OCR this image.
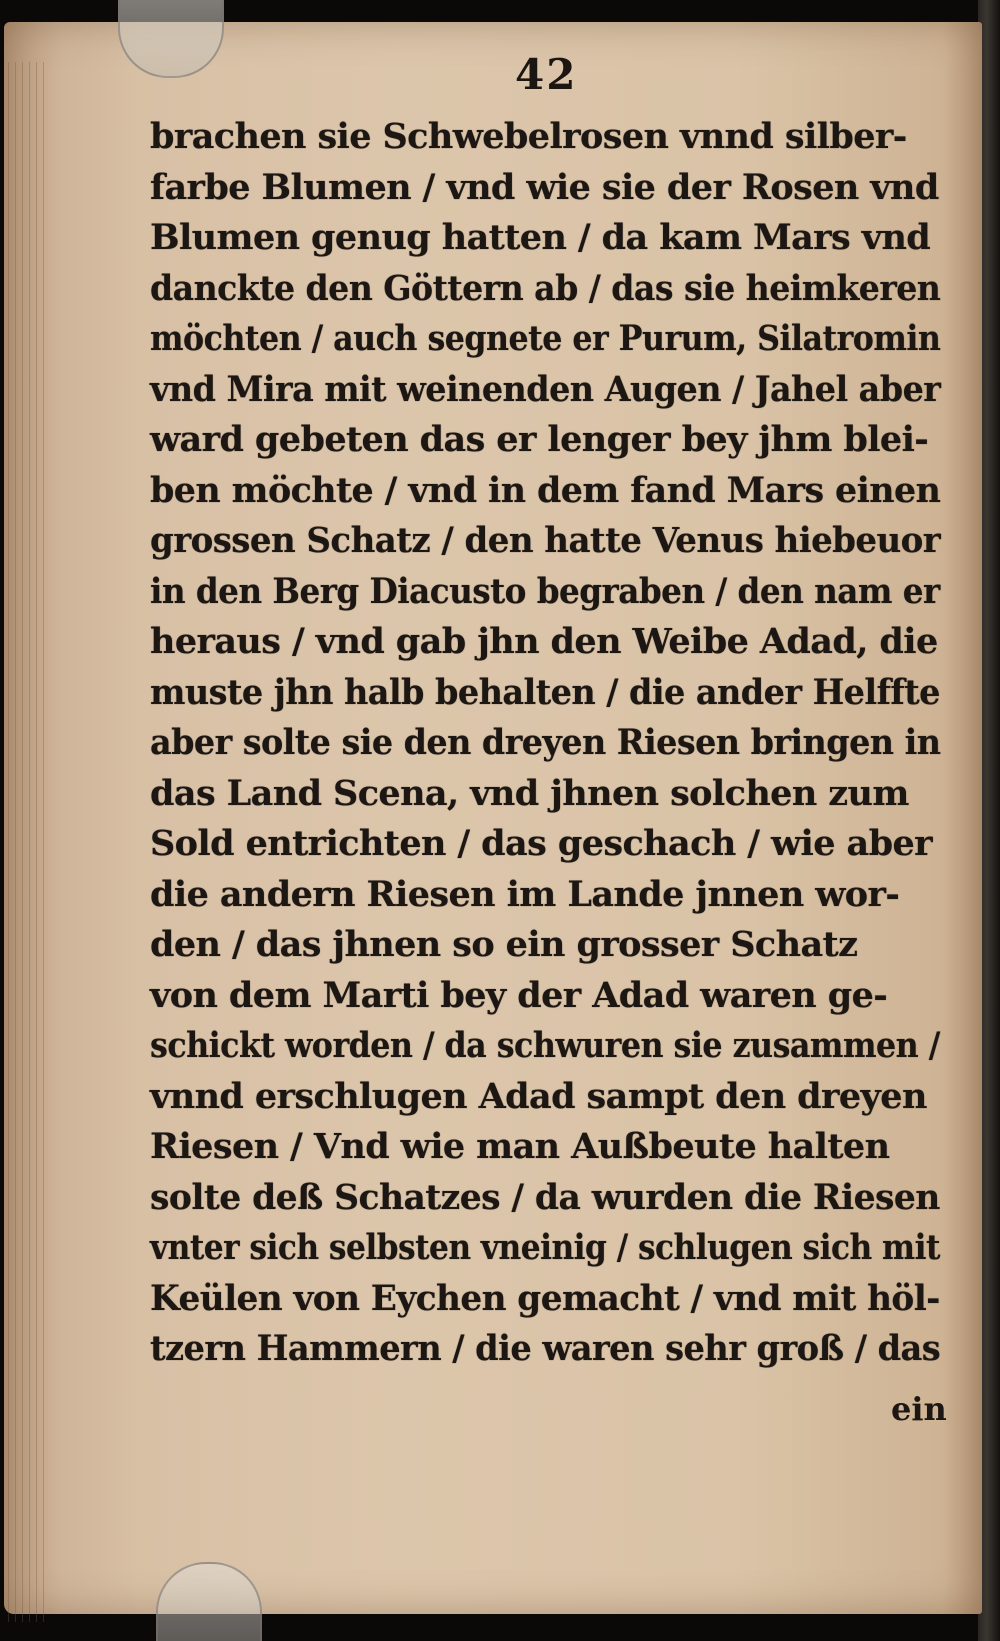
42
brachen sie Schwebelrosen vnnd silber-
farbe Blumen / vnd wie sie der Rosen vnd
Blumen genug hatten / da kam Mars vnd
danckte den Göttern ab / das sie heimkeren
möchten / auch segnete er Purum, Silatromin
vnd Mira mit weinenden Augen / Jahel aber
ward gebeten das er lenger bey jhm blei-
ben möchte / vnd in dem fand Mars einen
grossen Schatz / den hatte Venus hiebeuor
in den Berg Diacusto begraben / den nam er
heraus / vnd gab jhn den Weibe Adad, die
muste jhn halb behalten / die ander Helffte
aber solte sie den dreyen Riesen bringen in
das Land Scena, vnd jhnen solchen zum
Sold entrichten / das geschach / wie aber
die andern Riesen im Lande jnnen wor-
den / das jhnen so ein grosser Schatz
von dem Marti bey der Adad waren ge-
schickt worden / da schwuren sie zusammen /
vnnd erschlugen Adad sampt den dreyen
Riesen / Vnd wie man Außbeute halten
solte deß Schatzes / da wurden die Riesen
vnter sich selbsten vneinig / schlugen sich mit
Keülen von Eychen gemacht / vnd mit höl-
tzern Hammern / die waren sehr groß / das
ein
